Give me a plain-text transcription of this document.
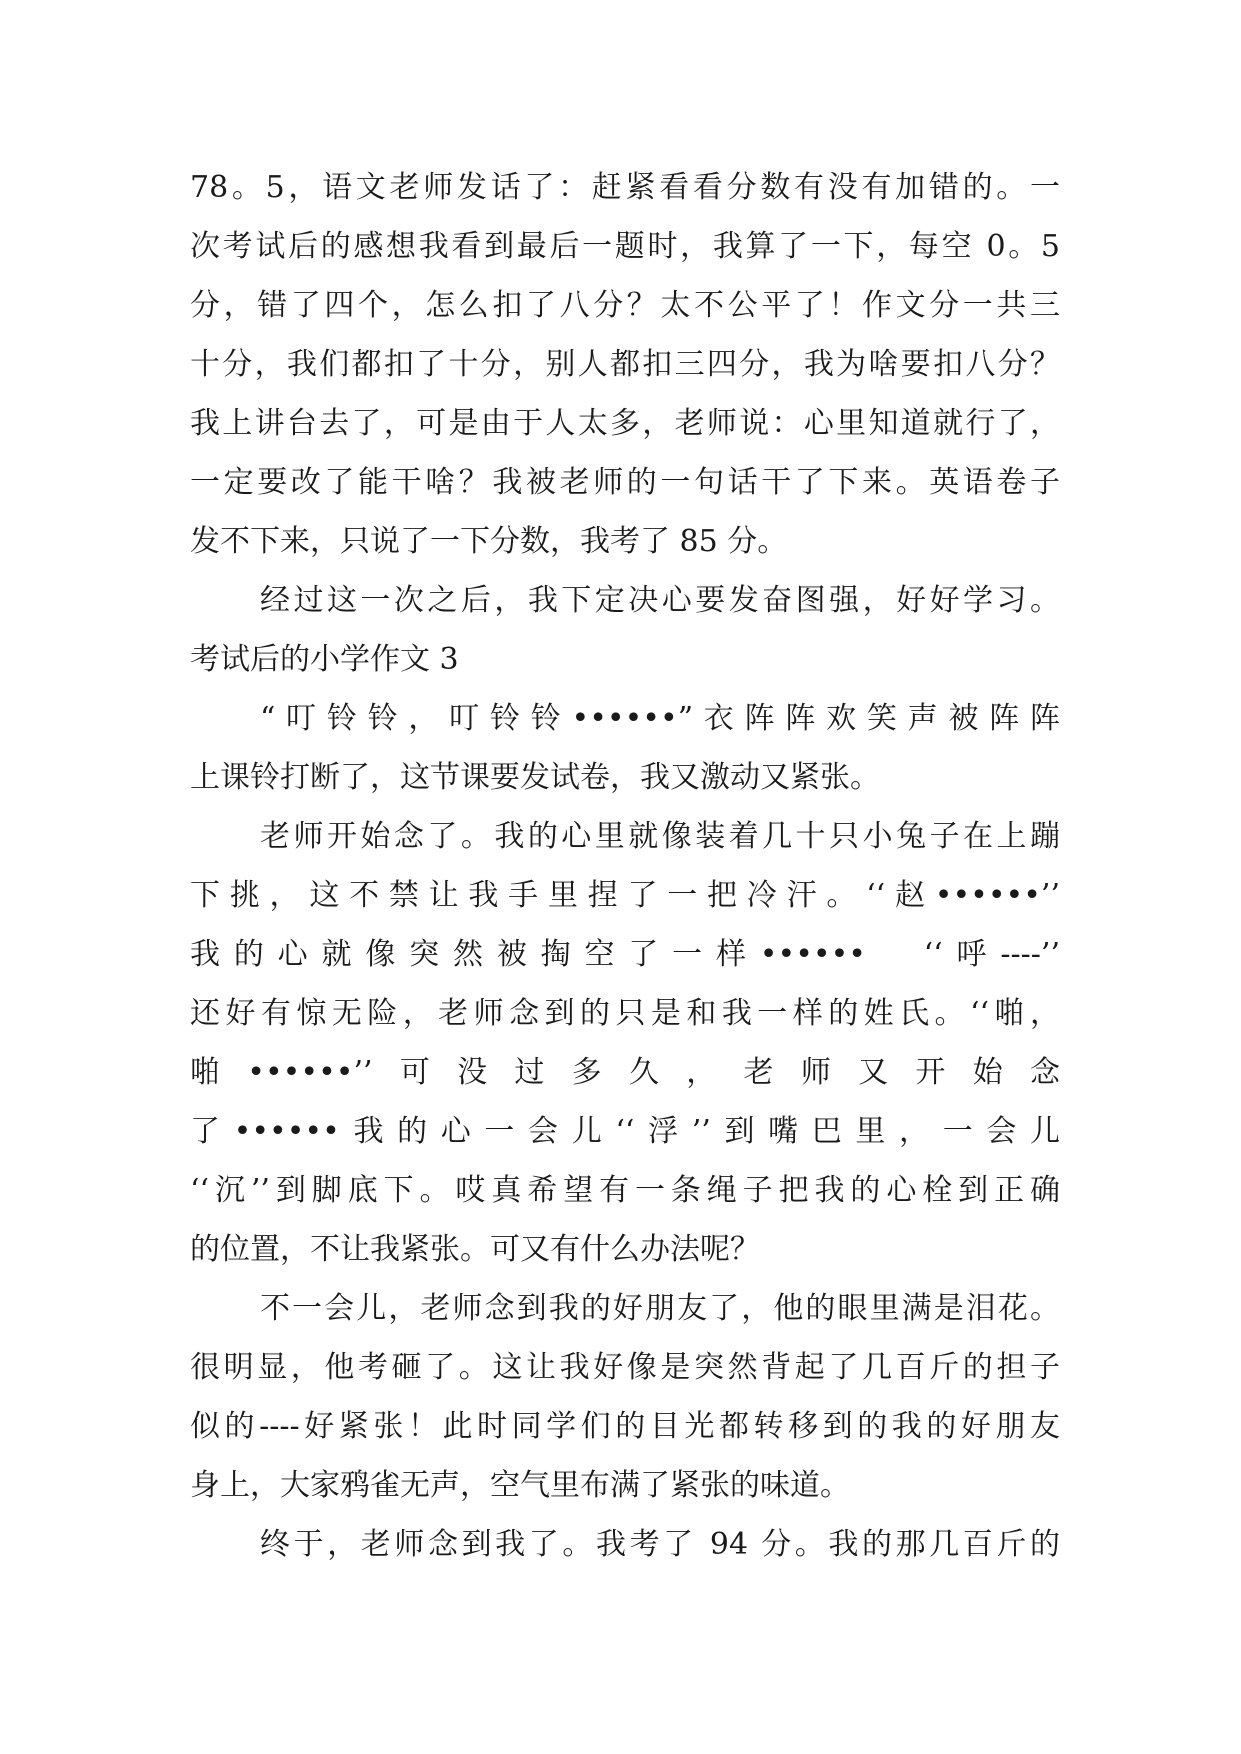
78。5，语文老师发话了：赶紧看看分数有没有加错的。一
次考试后的感想我看到最后一题时，我算了一下，每空 0。5
分，错了四个，怎么扣了八分？太不公平了！作文分一共三
十分，我们都扣了十分，别人都扣三四分，我为啥要扣八分？
我上讲台去了，可是由于人太多，老师说：心里知道就行了，
一定要改了能干啥？我被老师的一句话干了下来。英语卷子
发不下来，只说了一下分数，我考了 85 分。
经过这一次之后，我下定决心要发奋图强，好好学习。
考试后的小学作文 3
“叮铃铃，叮铃铃••••••”衣阵阵欢笑声被阵阵
上课铃打断了，这节课要发试卷，我又激动又紧张。
老师开始念了。我的心里就像装着几十只小兔子在上蹦
下挑，这不禁让我手里捏了一把冷汗。‘‘赵••••••’’
我的心就像突然被掏空了一样••••••　‘‘呼----’’
还好有惊无险，老师念到的只是和我一样的姓氏。‘‘啪，
啪••••••’’可没过多久，老师又开始念
了••••••我的心一会儿‘‘浮’’到嘴巴里，一会儿
‘‘沉’’到脚底下。哎真希望有一条绳子把我的心栓到正确
的位置，不让我紧张。可又有什么办法呢？
不一会儿，老师念到我的好朋友了，他的眼里满是泪花。
很明显，他考砸了。这让我好像是突然背起了几百斤的担子
似的----好紧张！此时同学们的目光都转移到的我的好朋友
身上，大家鸦雀无声，空气里布满了紧张的味道。
终于，老师念到我了。我考了 94 分。我的那几百斤的
